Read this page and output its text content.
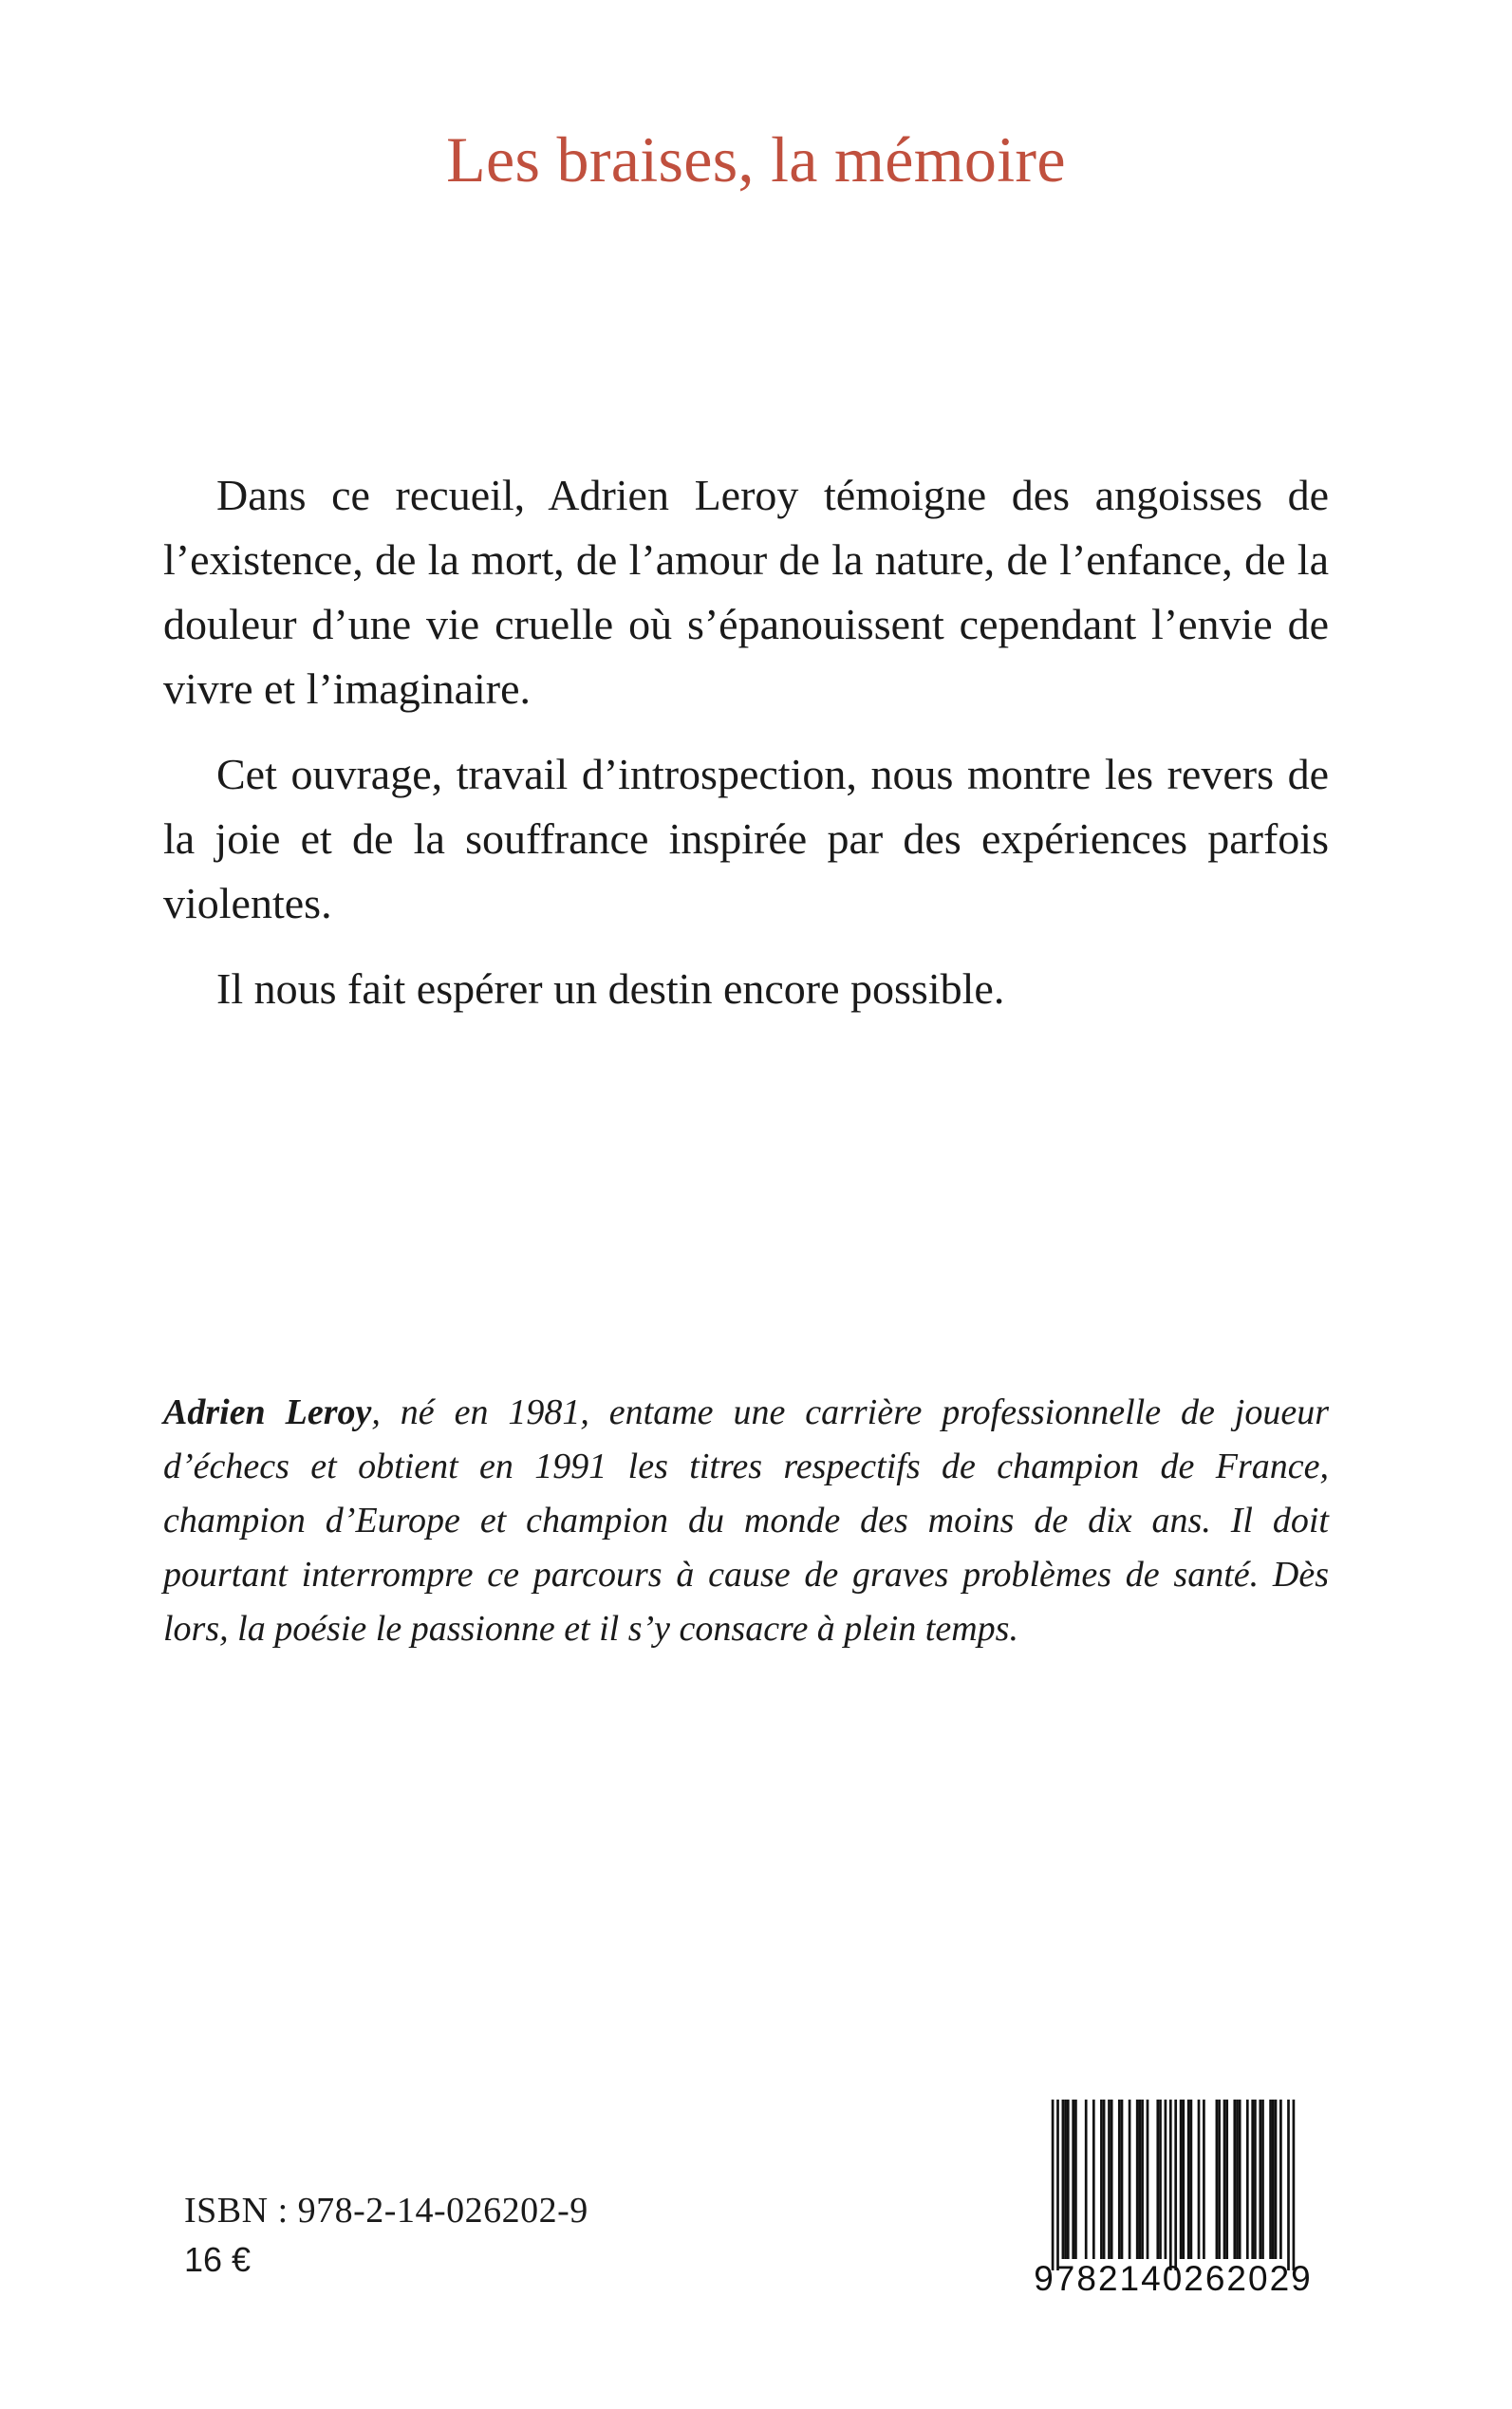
Les braises, la mémoire

Dans ce recueil, Adrien Leroy témoigne des angoisses de l’existence, de la mort, de l’amour de la nature, de l’enfance, de la douleur d’une vie cruelle où s’épanouissent cependant l’envie de vivre et l’imaginaire.

Cet ouvrage, travail d’introspection, nous montre les revers de la joie et de la souffrance inspirée par des expériences parfois violentes.

Il nous fait espérer un destin encore possible.

Adrien Leroy, né en 1981, entame une carrière professionnelle de joueur d’échecs et obtient en 1991 les titres respectifs de champion de France, champion d’Europe et champion du monde des moins de dix ans. Il doit pourtant interrompre ce parcours à cause de graves problèmes de santé. Dès lors, la poésie le passionne et il s’y consacre à plein temps.

ISBN : 978-2-14-026202-9
16 €	9782140262029
